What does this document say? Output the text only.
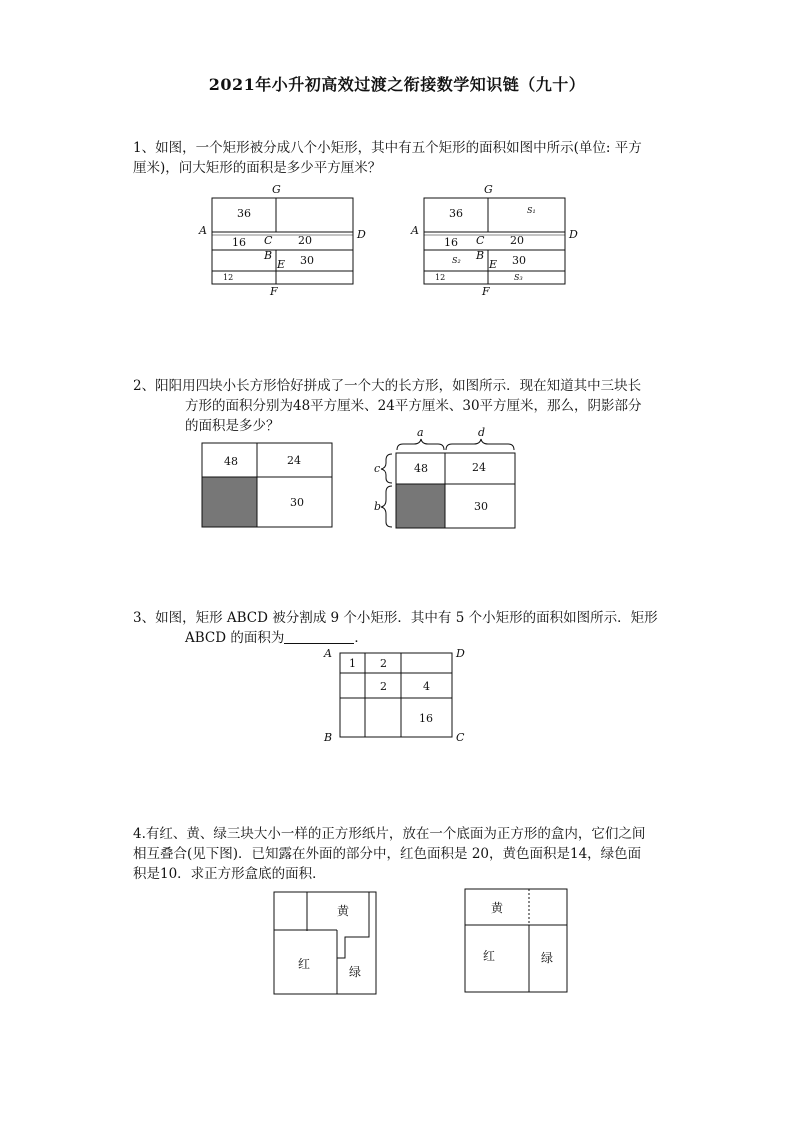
2021年小升初高效过渡之衔接数学知识链（九十）

1、如图，一个矩形被分成八个小矩形，其中有五个矩形的面积如图中所示(单位: 平方

厘米)，问大矩形的面积是多少平方厘米？

G
A	D
C
B
E
F
36
16	20
30
12
G
A	D
C
B
E
F
36	S₁
16	20
S₂	30
12	S₃

2、阳阳用四块小长方形恰好拼成了一个大的长方形，如图所示．现在知道其中三块长

方形的面积分别为48平方厘米、24平方厘米、30平方厘米，那么，阴影部分

的面积是多少？

48	24
30
a	d
c
b
48	24
30

3、如图，矩形 ABCD 被分割成 9 个小矩形．其中有 5 个小矩形的面积如图所示．矩形

ABCD 的面积为	．

A	D
B	C
1 2
2	4
16

4.有红、黄、绿三块大小一样的正方形纸片，放在一个底面为正方形的盒内，它们之间

相互叠合(见下图)．已知露在外面的部分中，红色面积是 20，黄色面积是14，绿色面

积是10．求正方形盒底的面积．

黄
红
绿
黄
红	绿
